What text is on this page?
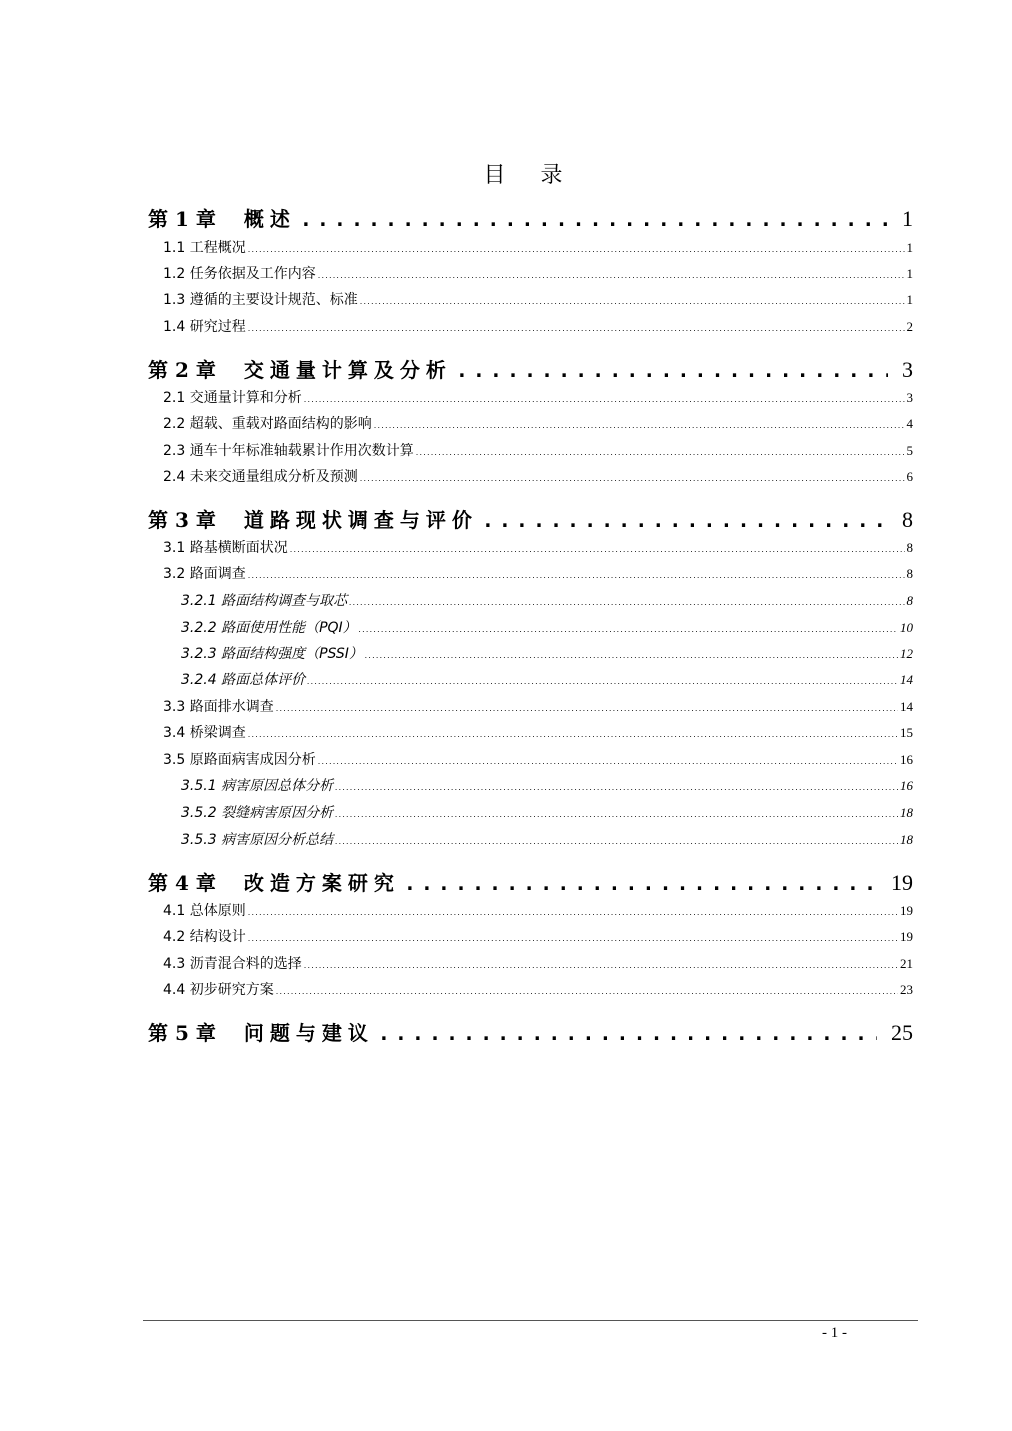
目 录
第 1 章 概述 .....	1
1.1 工程概况 .....	1
1.2 任务依据及工作内容 .....	1
1.3 遵循的主要设计规范、标准 .....	1
1.4 研究过程 .....	2
第 2 章 交通量计算及分析 .....	3
2.1 交通量计算和分析 .....	3
2.2 超载、重载对路面结构的影响 .....	4
2.3 通车十年标准轴载累计作用次数计算 .....	5
2.4 未来交通量组成分析及预测 .....	6
第 3 章 道路现状调查与评价 .....	8
3.1 路基横断面状况 .....	8
3.2 路面调查 .....	8
3.2.1 路面结构调查与取芯 .....	8
3.2.2 路面使用性能（PQI） .....	10
3.2.3 路面结构强度（PSSI） .....	12
3.2.4 路面总体评价 .....	14
3.3 路面排水调查 .....	14
3.4 桥梁调查 .....	15
3.5 原路面病害成因分析 .....	16
3.5.1 病害原因总体分析 .....	16
3.5.2 裂缝病害原因分析 .....	18
3.5.3 病害原因分析总结 .....	18
第 4 章 改造方案研究 .....	19
4.1 总体原则 .....	19
4.2 结构设计 .....	19
4.3 沥青混合料的选择 .....	21
4.4 初步研究方案 .....	23
第 5 章 问题与建议 .....	25
- 1 -
